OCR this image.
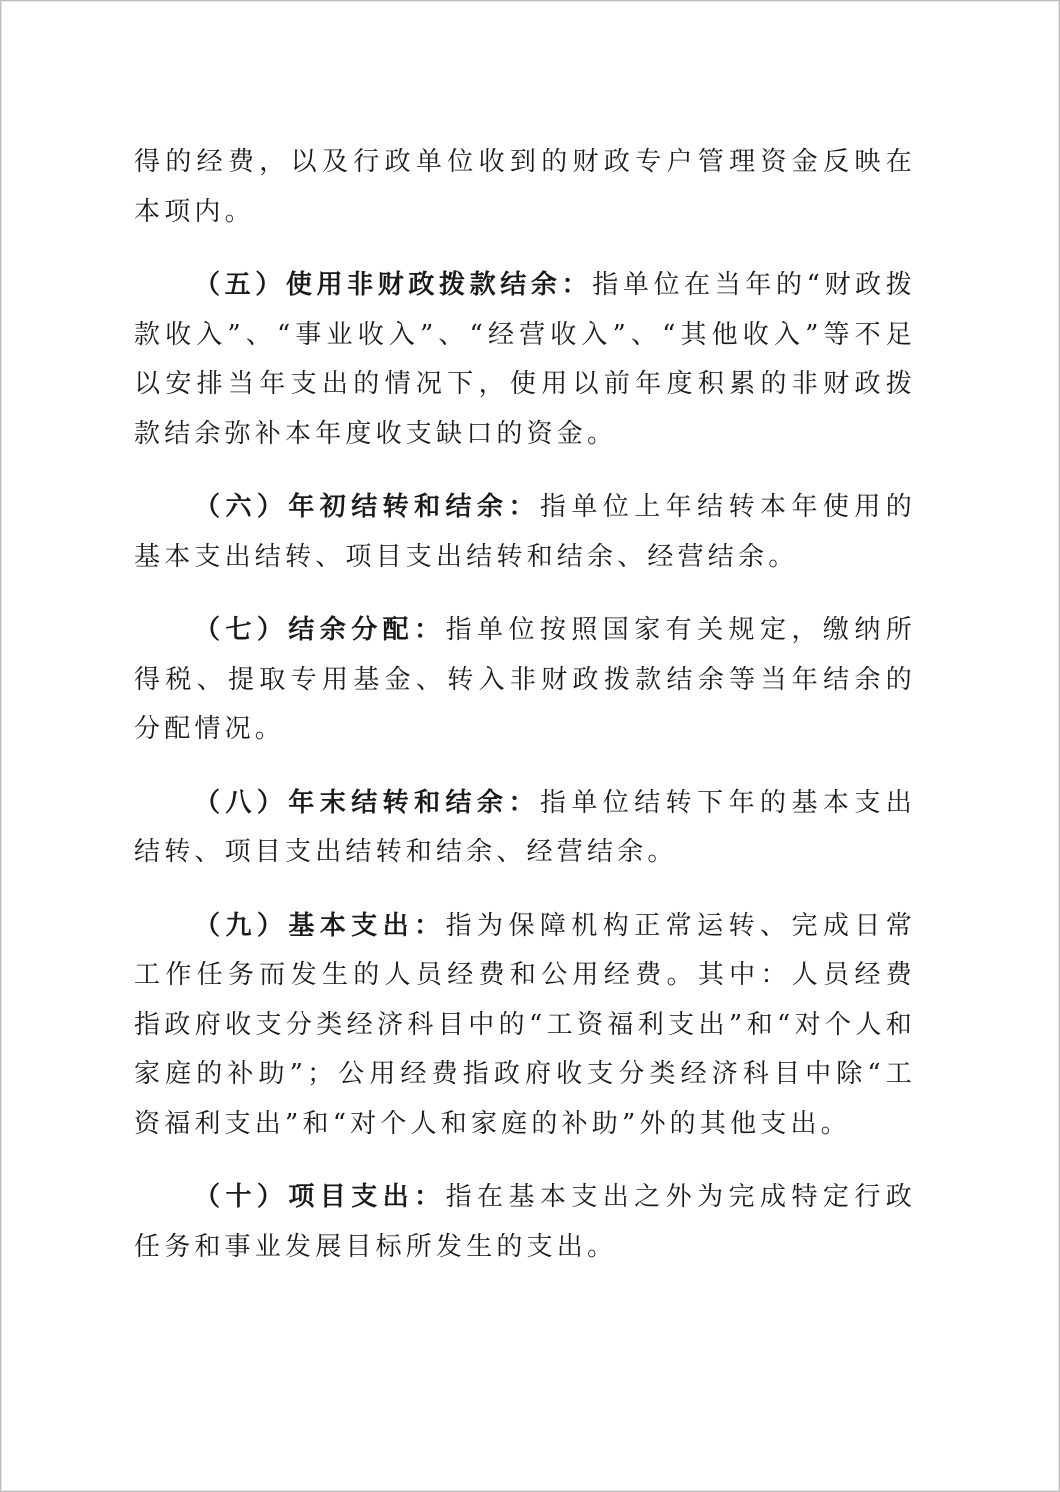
得的经费，以及行政单位收到的财政专户管理资金反映在本项内。

（五）使用非财政拨款结余：指单位在当年的“财政拨款收入”、“事业收入”、“经营收入”、“其他收入”等不足以安排当年支出的情况下，使用以前年度积累的非财政拨款结余弥补本年度收支缺口的资金。

（六）年初结转和结余：指单位上年结转本年使用的基本支出结转、项目支出结转和结余、经营结余。

（七）结余分配：指单位按照国家有关规定，缴纳所得税、提取专用基金、转入非财政拨款结余等当年结余的分配情况。

（八）年末结转和结余：指单位结转下年的基本支出结转、项目支出结转和结余、经营结余。

（九）基本支出：指为保障机构正常运转、完成日常工作任务而发生的人员经费和公用经费。其中：人员经费指政府收支分类经济科目中的“工资福利支出”和“对个人和家庭的补助”；公用经费指政府收支分类经济科目中除“工资福利支出”和“对个人和家庭的补助”外的其他支出。

（十）项目支出：指在基本支出之外为完成特定行政任务和事业发展目标所发生的支出。
